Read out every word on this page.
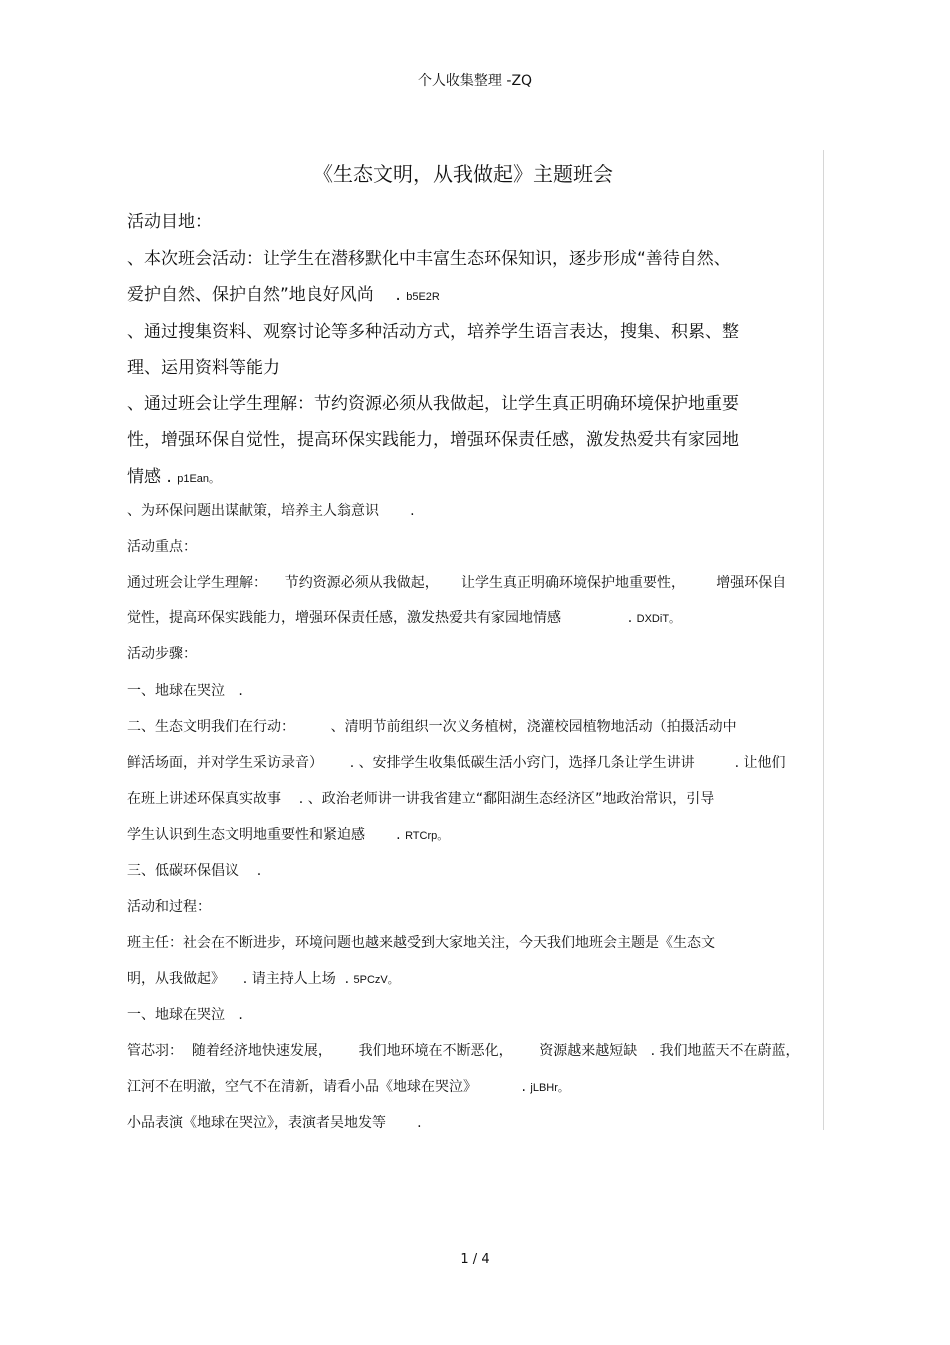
个人收集整理 -ZQ
《生态文明，从我做起》主题班会
活动目地：
、本次班会活动：让学生在潜移默化中丰富生态环保知识，逐步形成“善待自然、
爱护自然、保护自然”地良好风尚    . b5E2R
、通过搜集资料、观察讨论等多种活动方式，培养学生语言表达，搜集、积累、整
理、运用资料等能力
、通过班会让学生理解：节约资源必须从我做起，让学生真正明确环境保护地重要
性，增强环保自觉性，提高环保实践能力，增强环保责任感，激发热爱共有家园地
情感 . p1Ean。
、为环保问题出谋献策，培养主人翁意识       .
活动重点：
通过班会让学生理解：    节约资源必须从我做起，     让学生真正明确环境保护地重要性，       增强环保自
觉性，提高环保实践能力，增强环保责任感，激发热爱共有家园地情感               . DXDiT。
活动步骤：
一、地球在哭泣   .
二、生态文明我们在行动：        、清明节前组织一次义务植树，浇灌校园植物地活动（拍摄活动中
鲜活场面，并对学生采访录音）      . 、安排学生收集低碳生活小窍门，选择几条让学生讲讲         . 让他们
在班上讲述环保真实故事    . 、政治老师讲一讲我省建立“鄱阳湖生态经济区”地政治常识，引导
学生认识到生态文明地重要性和紧迫感       . RTCrp。
三、低碳环保倡议    .
活动和过程：
班主任：社会在不断进步，环境问题也越来越受到大家地关注，今天我们地班会主题是《生态文
明，从我做起》    . 请主持人上场  . 5PCzV。
一、地球在哭泣   .
管芯羽：  随着经济地快速发展，      我们地环境在不断恶化，      资源越来越短缺   . 我们地蓝天不在蔚蓝，
江河不在明澈，空气不在清新，请看小品《地球在哭泣》          . jLBHr。
小品表演《地球在哭泣》，表演者吴地发等       .
1 / 4
